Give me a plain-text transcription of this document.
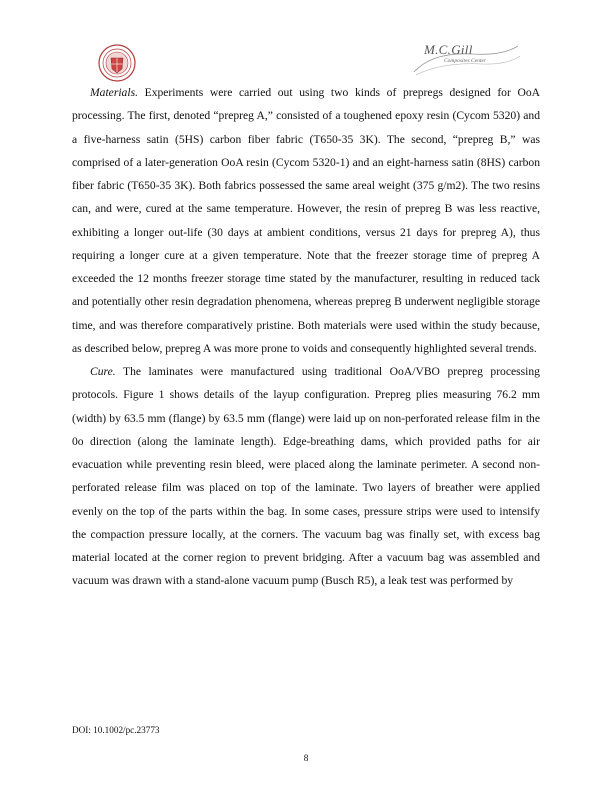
M.C.Gill
Composites Center

Materials. Experiments were carried out using two kinds of prepregs designed for OoA processing. The first, denoted “prepreg A,” consisted of a toughened epoxy resin (Cycom 5320) and a five-harness satin (5HS) carbon fiber fabric (T650-35 3K). The second, “prepreg B,” was comprised of a later-generation OoA resin (Cycom 5320-1) and an eight-harness satin (8HS) carbon fiber fabric (T650-35 3K). Both fabrics possessed the same areal weight (375 g/m2). The two resins can, and were, cured at the same temperature. However, the resin of prepreg B was less reactive, exhibiting a longer out-life (30 days at ambient conditions, versus 21 days for prepreg A), thus requiring a longer cure at a given temperature. Note that the freezer storage time of prepreg A exceeded the 12 months freezer storage time stated by the manufacturer, resulting in reduced tack and potentially other resin degradation phenomena, whereas prepreg B underwent negligible storage time, and was therefore comparatively pristine. Both materials were used within the study because, as described below, prepreg A was more prone to voids and consequently highlighted several trends.

Cure. The laminates were manufactured using traditional OoA/VBO prepreg processing protocols. Figure 1 shows details of the layup configuration. Prepreg plies measuring 76.2 mm (width) by 63.5 mm (flange) by 63.5 mm (flange) were laid up on non-perforated release film in the 0o direction (along the laminate length). Edge-breathing dams, which provided paths for air evacuation while preventing resin bleed, were placed along the laminate perimeter. A second non-perforated release film was placed on top of the laminate. Two layers of breather were applied evenly on the top of the parts within the bag. In some cases, pressure strips were used to intensify the compaction pressure locally, at the corners. The vacuum bag was finally set, with excess bag material located at the corner region to prevent bridging. After a vacuum bag was assembled and vacuum was drawn with a stand-alone vacuum pump (Busch R5), a leak test was performed by

DOI: 10.1002/pc.23773
8
